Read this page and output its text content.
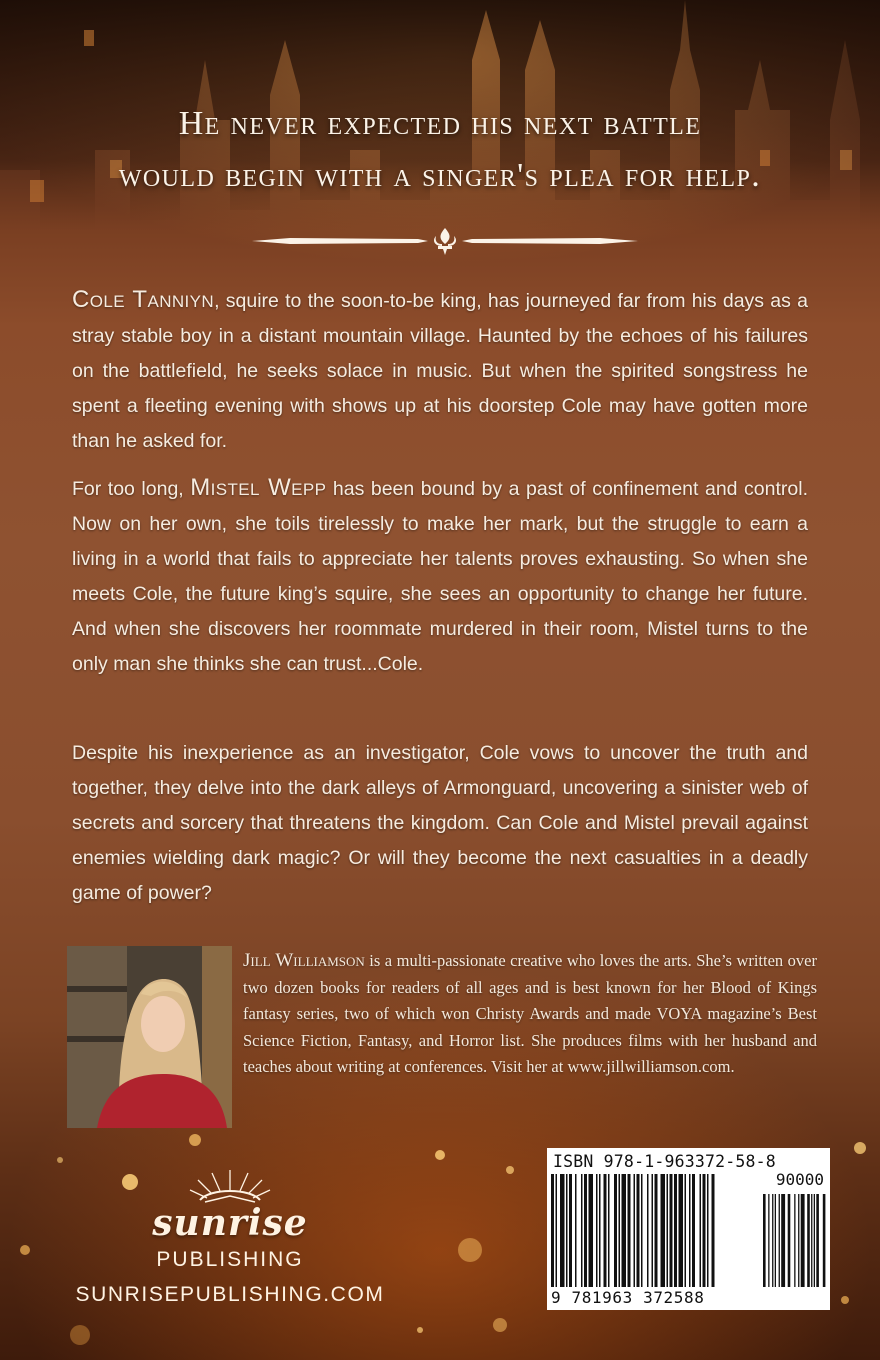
He never expected his next battle
would begin with a singer's plea for help.

Cole Tanniyn, squire to the soon-to-be king, has journeyed far from his days as a stray stable boy in a distant mountain village. Haunted by the echoes of his failures on the battlefield, he seeks solace in music. But when the spirited songstress he spent a fleeting evening with shows up at his doorstep Cole may have gotten more than he asked for.

For too long, Mistel Wepp has been bound by a past of confinement and control. Now on her own, she toils tirelessly to make her mark, but the struggle to earn a living in a world that fails to appreciate her talents proves exhausting. So when she meets Cole, the future king’s squire, she sees an opportunity to change her future. And when she discovers her roommate murdered in their room, Mistel turns to the only man she thinks she can trust...Cole.

Despite his inexperience as an investigator, Cole vows to uncover the truth and together, they delve into the dark alleys of Armonguard, uncovering a sinister web of secrets and sorcery that threatens the kingdom. Can Cole and Mistel prevail against enemies wielding dark magic? Or will they become the next casualties in a deadly game of power?

Jill Williamson is a multi-passionate creative who loves the arts. She’s written over two dozen books for readers of all ages and is best known for her Blood of Kings fantasy series, two of which won Christy Awards and made VOYA magazine’s Best Science Fiction, Fantasy, and Horror list. She produces films with her husband and teaches about writing at conferences. Visit her at www.jillwilliamson.com.

sunrise
PUBLISHING
SUNRISEPUBLISHING.COM
ISBN 978-1-963372-58-8
90000
9 781963 372588
